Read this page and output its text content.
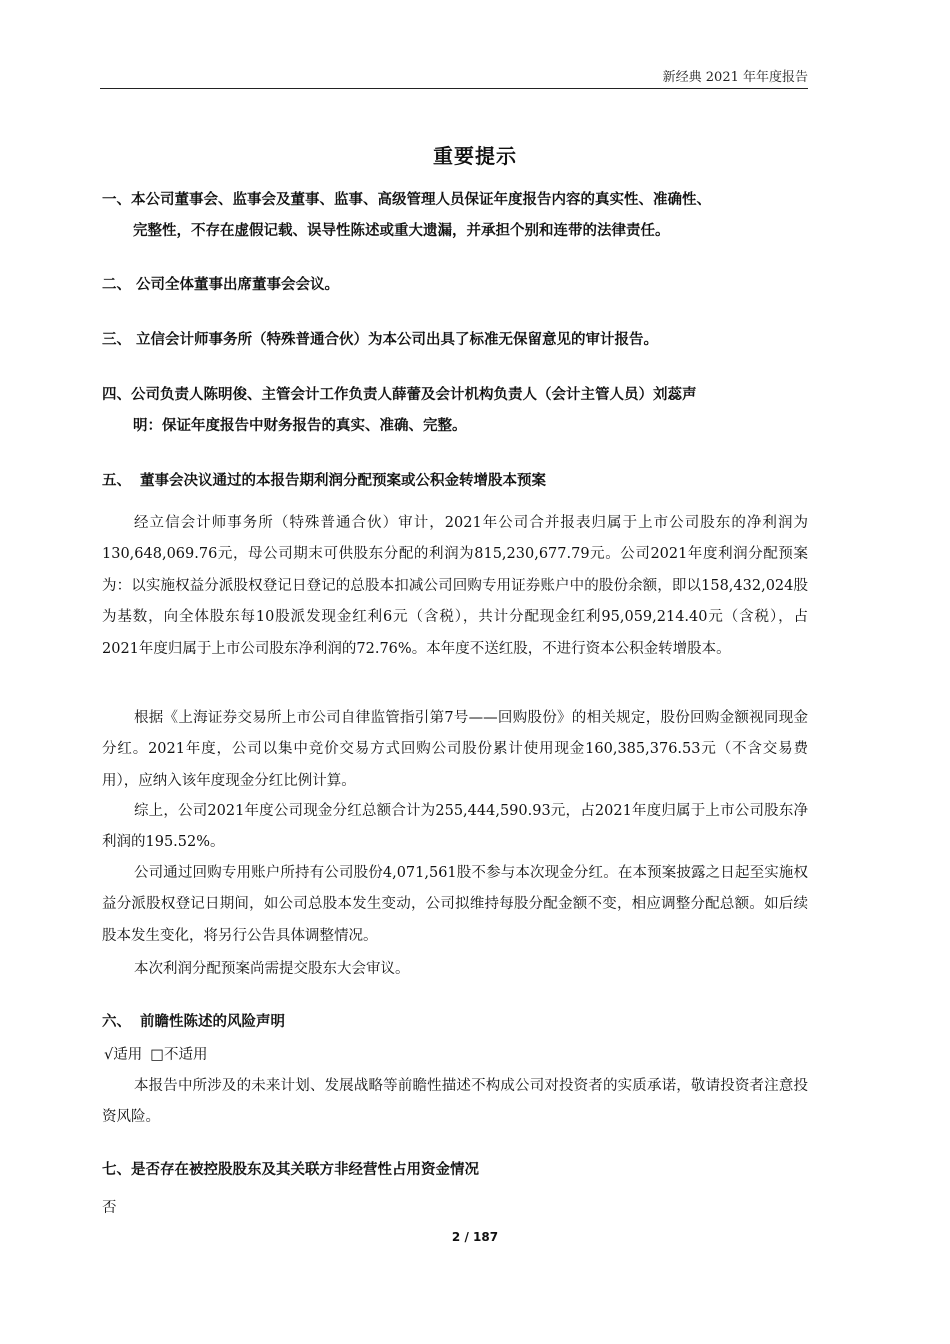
新经典 2021 年年度报告
重要提示
一、本公司董事会、监事会及董事、监事、高级管理人员保证年度报告内容的真实性、准确性、
完整性，不存在虚假记载、误导性陈述或重大遗漏，并承担个别和连带的法律责任。
二、 公司全体董事出席董事会会议。
三、 立信会计师事务所（特殊普通合伙）为本公司出具了标准无保留意见的审计报告。
四、公司负责人陈明俊、主管会计工作负责人薛蕾及会计机构负责人（会计主管人员）刘蕊声
明：保证年度报告中财务报告的真实、准确、完整。
五、 董事会决议通过的本报告期利润分配预案或公积金转增股本预案
经立信会计师事务所（特殊普通合伙）审计，2021年公司合并报表归属于上市公司股东的净利润为130,648,069.76元，母公司期末可供股东分配的利润为815,230,677.79元。公司2021年度利润分配预案为：以实施权益分派股权登记日登记的总股本扣减公司回购专用证券账户中的股份余额，即以158,432,024股为基数，向全体股东每10股派发现金红利6元（含税），共计分配现金红利95,059,214.40元（含税），占2021年度归属于上市公司股东净利润的72.76%。本年度不送红股，不进行资本公积金转增股本。
根据《上海证券交易所上市公司自律监管指引第7号——回购股份》的相关规定，股份回购金额视同现金分红。2021年度，公司以集中竞价交易方式回购公司股份累计使用现金160,385,376.53元（不含交易费用），应纳入该年度现金分红比例计算。
综上，公司2021年度公司现金分红总额合计为255,444,590.93元，占2021年度归属于上市公司股东净利润的195.52%。
公司通过回购专用账户所持有公司股份4,071,561股不参与本次现金分红。在本预案披露之日起至实施权益分派股权登记日期间，如公司总股本发生变动，公司拟维持每股分配金额不变，相应调整分配总额。如后续股本发生变化，将另行公告具体调整情况。
本次利润分配预案尚需提交股东大会审议。
六、 前瞻性陈述的风险声明
√适用 □不适用
本报告中所涉及的未来计划、发展战略等前瞻性描述不构成公司对投资者的实质承诺，敬请投资者注意投资风险。
七、是否存在被控股股东及其关联方非经营性占用资金情况
否
2 / 187
